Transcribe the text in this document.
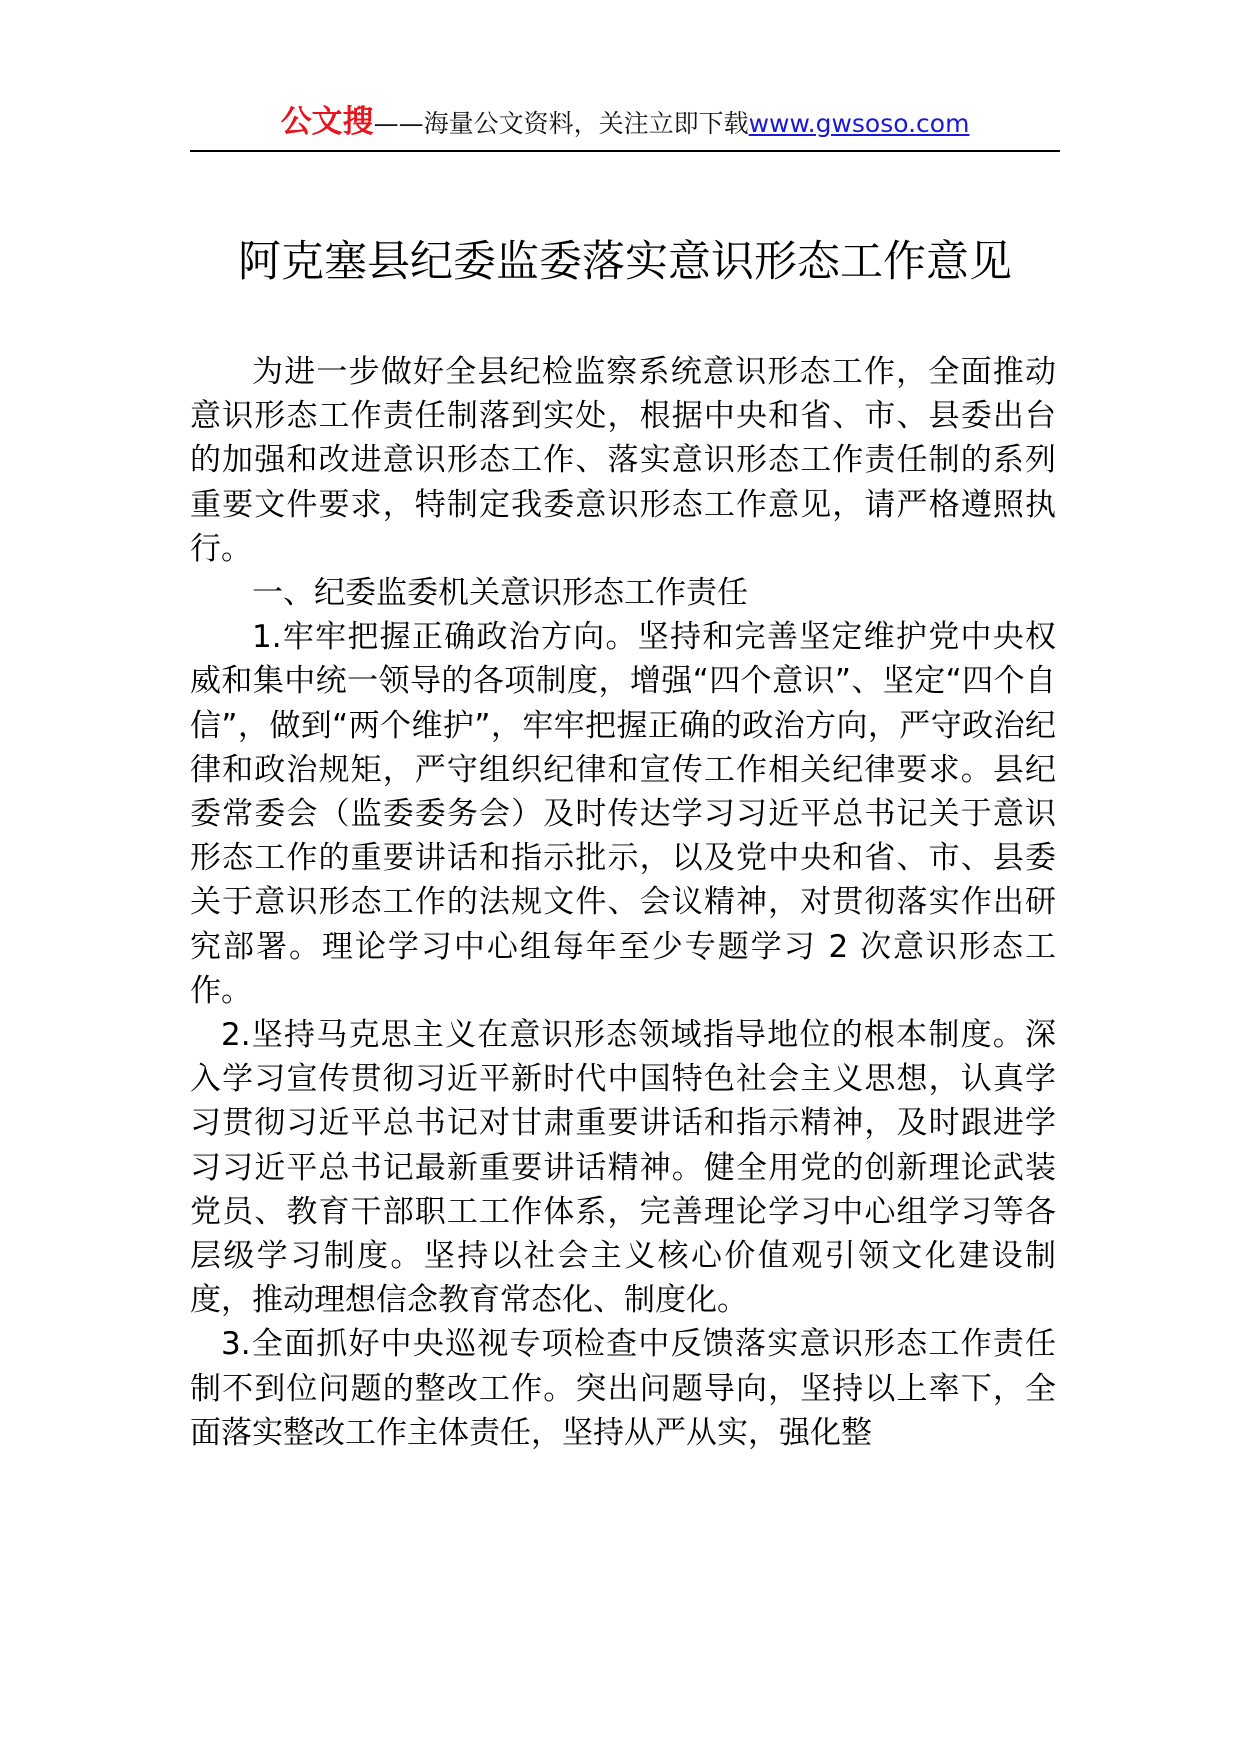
公文搜——海量公文资料，关注立即下载www.gwsoso.com
阿克塞县纪委监委落实意识形态工作意见

为进一步做好全县纪检监察系统意识形态工作，全面推动意识形态工作责任制落到实处，根据中央和省、市、县委出台的加强和改进意识形态工作、落实意识形态工作责任制的系列重要文件要求，特制定我委意识形态工作意见，请严格遵照执行。

一、纪委监委机关意识形态工作责任

1.牢牢把握正确政治方向。坚持和完善坚定维护党中央权威和集中统一领导的各项制度，增强“四个意识”、坚定“四个自信”，做到“两个维护”，牢牢把握正确的政治方向，严守政治纪律和政治规矩，严守组织纪律和宣传工作相关纪律要求。县纪委常委会（监委委务会）及时传达学习习近平总书记关于意识形态工作的重要讲话和指示批示，以及党中央和省、市、县委关于意识形态工作的法规文件、会议精神，对贯彻落实作出研究部署。理论学习中心组每年至少专题学习 2 次意识形态工作。

2.坚持马克思主义在意识形态领域指导地位的根本制度。深入学习宣传贯彻习近平新时代中国特色社会主义思想，认真学习贯彻习近平总书记对甘肃重要讲话和指示精神，及时跟进学习习近平总书记最新重要讲话精神。健全用党的创新理论武装党员、教育干部职工工作体系，完善理论学习中心组学习等各层级学习制度。坚持以社会主义核心价值观引领文化建设制度，推动理想信念教育常态化、制度化。

3.全面抓好中央巡视专项检查中反馈落实意识形态工作责任制不到位问题的整改工作。突出问题导向，坚持以上率下，全面落实整改工作主体责任，坚持从严从实，强化整
